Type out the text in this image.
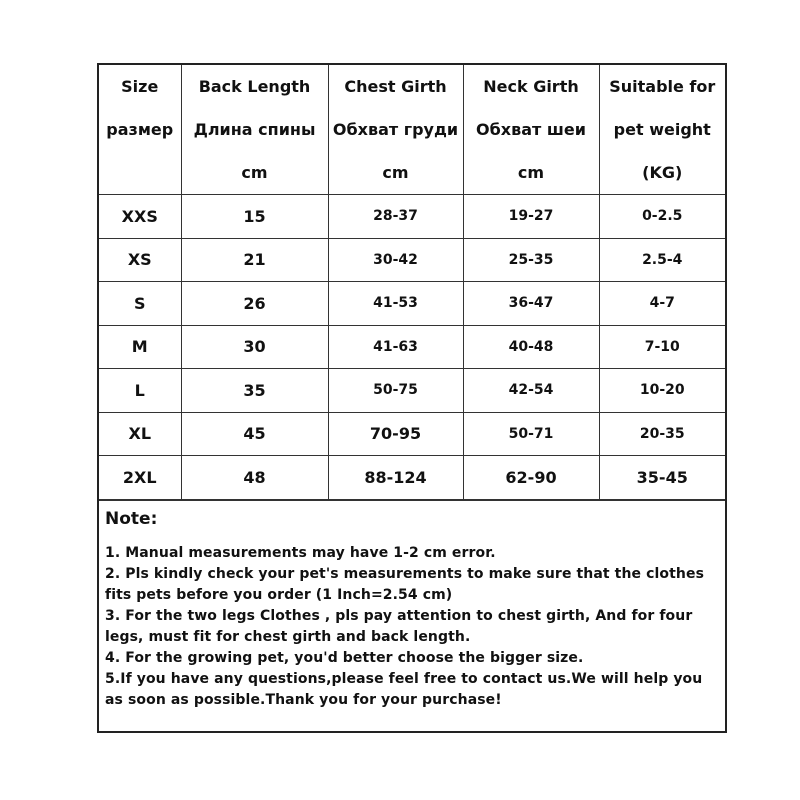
Size	Back Length	Chest Girth	Neck Girth	Suitable for
размер	Длина спины	Обхват груди	Обхват шеи	pet weight
	cm	cm	cm	(KG)
XXS	15	28-37	19-27	0-2.5
XS	21	30-42	25-35	2.5-4
S	26	41-53	36-47	4-7
M	30	41-63	40-48	7-10
L	35	50-75	42-54	10-20
XL	45	70-95	50-71	20-35
2XL	48	88-124	62-90	35-45
Note:
1. Manual measurements may have 1-2 cm error.
2. Pls kindly check your pet's measurements to make sure that the clothes fits pets before you order (1 Inch=2.54 cm)
3. For the two legs Clothes , pls pay attention to chest girth, And for four legs, must fit for chest girth and back length.
4. For the growing pet, you'd better choose the bigger size.
5.If you have any questions,please feel free to contact us.We will help you as soon as possible.Thank you for your purchase!
